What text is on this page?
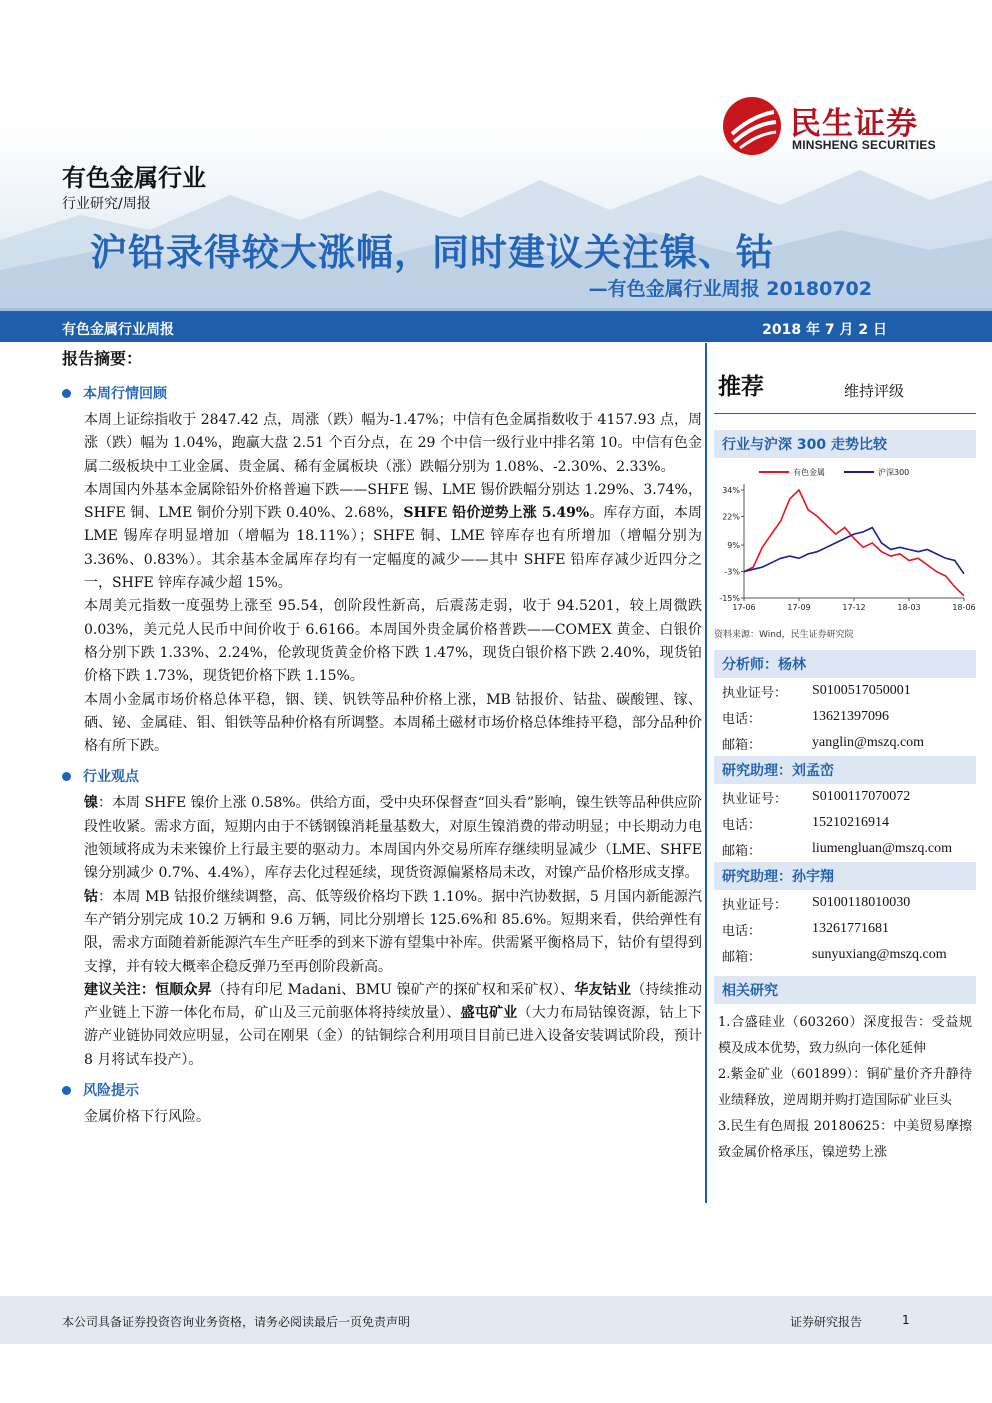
民生证券
MINSHENG SECURITIES
有色金属行业
行业研究/周报
沪铅录得较大涨幅，同时建议关注镍、钴
—有色金属行业周报 20180702
有色金属行业周报	2018 年 7 月 2 日
报告摘要：
本周行情回顾

本周上证综指收于 2847.42 点，周涨（跌）幅为-1.47%；中信有色金属指数收于 4157.93 点，周涨（跌）幅为 1.04%，跑赢大盘 2.51 个百分点，在 29 个中信一级行业中排名第 10。中信有色金属二级板块中工业金属、贵金属、稀有金属板块（涨）跌幅分别为 1.08%、-2.30%、2.33%。

本周国内外基本金属除铅外价格普遍下跌——SHFE 锡、LME 锡价跌幅分别达 1.29%、3.74%，SHFE 铜、LME 铜价分别下跌 0.40%、2.68%，SHFE 铅价逆势上涨 5.49%。库存方面，本周 LME 锡库存明显增加（增幅为 18.11%）；SHFE 铜、LME 锌库存也有所增加（增幅分别为 3.36%、0.83%）。其余基本金属库存均有一定幅度的减少——其中 SHFE 铅库存减少近四分之一，SHFE 锌库存减少超 15%。

本周美元指数一度强势上涨至 95.54，创阶段性新高，后震荡走弱，收于 94.5201，较上周微跌 0.03%，美元兑人民币中间价收于 6.6166。本周国外贵金属价格普跌——COMEX 黄金、白银价格分别下跌 1.33%、2.24%，伦敦现货黄金价格下跌 1.47%，现货白银价格下跌 2.40%，现货铂价格下跌 1.73%，现货钯价格下跌 1.15%。

本周小金属市场价格总体平稳，铟、镁、钒铁等品种价格上涨，MB 钴报价、钴盐、碳酸锂、镓、硒、铋、金属硅、钼、钼铁等品种价格有所调整。本周稀土磁材市场价格总体维持平稳，部分品种价格有所下跌。

行业观点

镍：本周 SHFE 镍价上涨 0.58%。供给方面，受中央环保督查“回头看”影响，镍生铁等品种供应阶段性收紧。需求方面，短期内由于不锈钢镍消耗量基数大，对原生镍消费的带动明显；中长期动力电池领域将成为未来镍价上行最主要的驱动力。本周国内外交易所库存继续明显减少（LME、SHFE 镍分别减少 0.7%、4.4%），库存去化过程延续，现货资源偏紧格局未改，对镍产品价格形成支撑。

钴：本周 MB 钴报价继续调整，高、低等级价格均下跌 1.10%。据中汽协数据，5 月国内新能源汽车产销分别完成 10.2 万辆和 9.6 万辆，同比分别增长 125.6%和 85.6%。短期来看，供给弹性有限，需求方面随着新能源汽车生产旺季的到来下游有望集中补库。供需紧平衡格局下，钴价有望得到支撑，并有较大概率企稳反弹乃至再创阶段新高。

建议关注：恒顺众昇（持有印尼 Madani、BMU 镍矿产的探矿权和采矿权）、华友钴业（持续推动产业链上下游一体化布局，矿山及三元前驱体将持续放量）、盛屯矿业（大力布局钴镍资源，钴上下游产业链协同效应明显，公司在刚果（金）的钴铜综合利用项目目前已进入设备安装调试阶段，预计 8 月将试车投产）。

风险提示

金属价格下行风险。

推荐	维持评级
行业与沪深 300 走势比较
34%
22%
9%
-3%
-15%
17-06	17-09	17-12	18-03	18-06
有色金属	沪深300
资料来源：Wind，民生证券研究院
分析师：杨林
执业证号：	S0100517050001
电话：	13621397096
邮箱：	yanglin@mszq.com
研究助理：刘孟峦
执业证号：	S0100117070072
电话：	15210216914
邮箱：	liumengluan@mszq.com
研究助理：孙宇翔
执业证号：	S0100118010030
电话：	13261771681
邮箱：	sunyuxiang@mszq.com
相关研究
1.合盛硅业（603260）深度报告：受益规模及成本优势，致力纵向一体化延伸
2.紫金矿业（601899）：铜矿量价齐升静待业绩释放，逆周期并购打造国际矿业巨头
3.民生有色周报 20180625：中美贸易摩擦致金属价格承压，镍逆势上涨
本公司具备证券投资咨询业务资格，请务必阅读最后一页免责声明	证券研究报告	1
